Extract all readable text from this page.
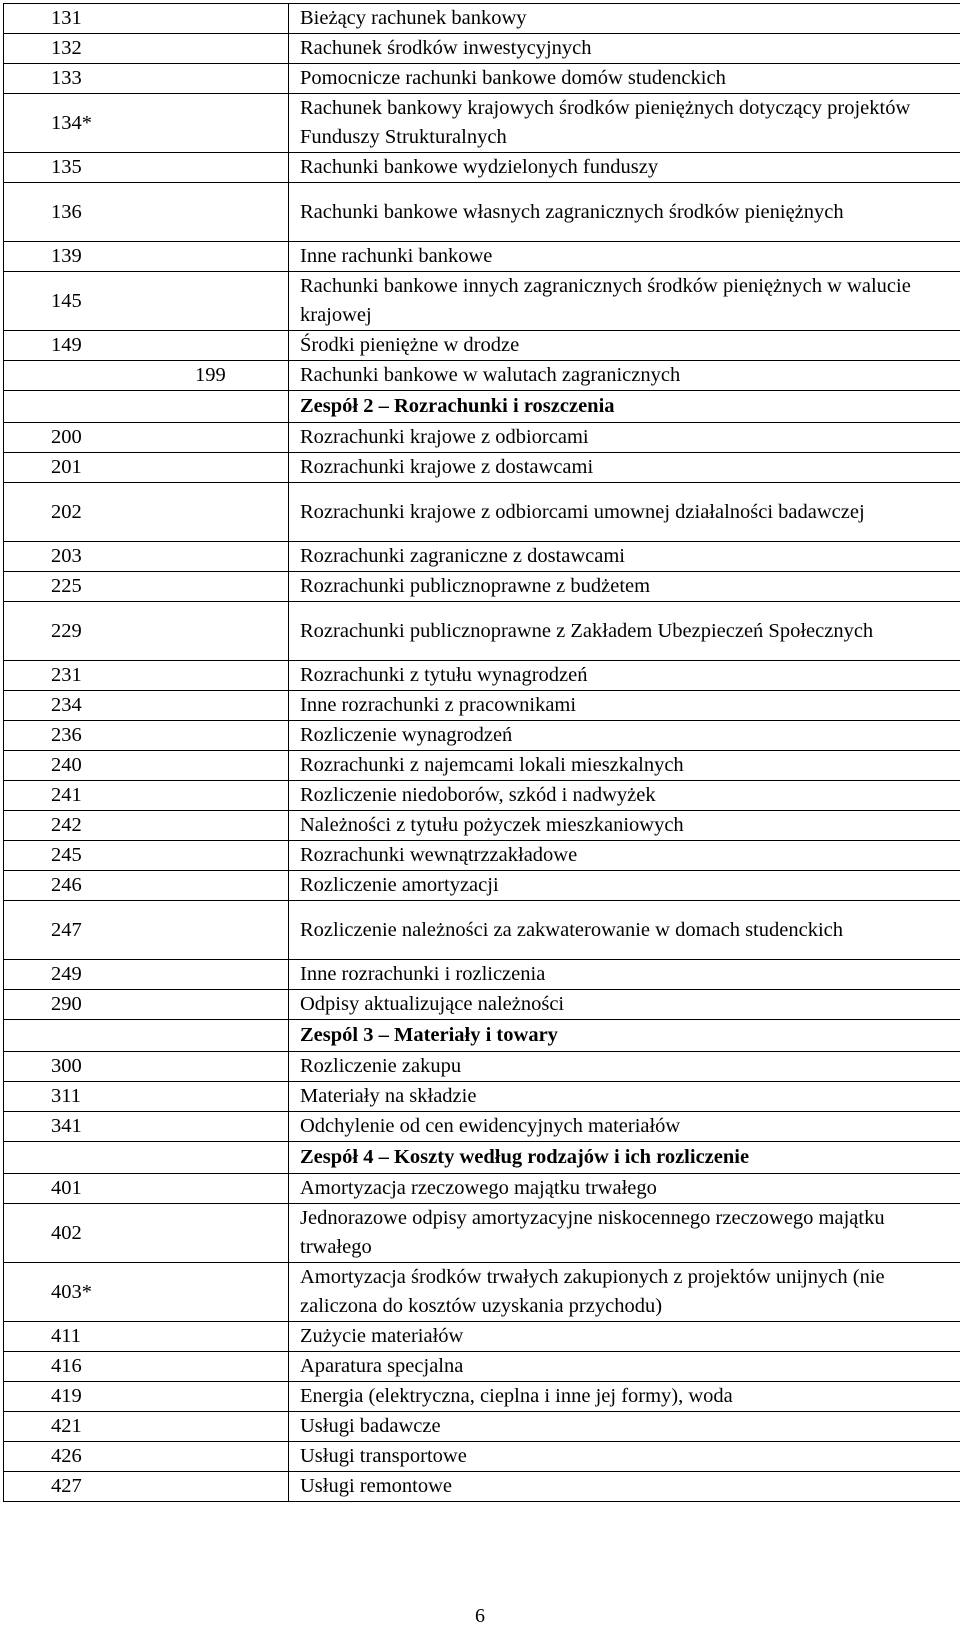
131	Bieżący rachunek bankowy
132	Rachunek środków inwestycyjnych
133	Pomocnicze rachunki bankowe domów studenckich
134*	Rachunek bankowy krajowych środków pieniężnych dotyczący projektów Funduszy Strukturalnych
135	Rachunki bankowe wydzielonych funduszy
136	Rachunki bankowe własnych zagranicznych środków pieniężnych
139	Inne rachunki bankowe
145	Rachunki bankowe innych zagranicznych środków pieniężnych w walucie krajowej
149	Środki pieniężne w drodze
199	Rachunki bankowe w walutach zagranicznych
	Zespół 2 – Rozrachunki i roszczenia
200	Rozrachunki krajowe z odbiorcami
201	Rozrachunki krajowe z dostawcami
202	Rozrachunki krajowe z odbiorcami umownej działalności badawczej
203	Rozrachunki zagraniczne z dostawcami
225	Rozrachunki publicznoprawne z budżetem
229	Rozrachunki publicznoprawne z Zakładem Ubezpieczeń Społecznych
231	Rozrachunki z tytułu wynagrodzeń
234	Inne rozrachunki z pracownikami
236	Rozliczenie wynagrodzeń
240	Rozrachunki z najemcami lokali mieszkalnych
241	Rozliczenie niedoborów, szkód i nadwyżek
242	Należności z tytułu pożyczek mieszkaniowych
245	Rozrachunki wewnątrzzakładowe
246	Rozliczenie amortyzacji
247	Rozliczenie należności za zakwaterowanie w domach studenckich
249	Inne rozrachunki i rozliczenia
290	Odpisy aktualizujące należności
	Zespól 3 – Materiały i towary
300	Rozliczenie zakupu
311	Materiały na składzie
341	Odchylenie od cen ewidencyjnych materiałów
	Zespół 4 – Koszty według rodzajów i ich rozliczenie
401	Amortyzacja rzeczowego majątku trwałego
402	Jednorazowe odpisy amortyzacyjne niskocennego rzeczowego majątku trwałego
403*	Amortyzacja środków trwałych zakupionych z projektów unijnych (nie zaliczona do kosztów uzyskania przychodu)
411	Zużycie materiałów
416	Aparatura specjalna
419	Energia (elektryczna, cieplna i inne jej formy), woda
421	Usługi badawcze
426	Usługi transportowe
427	Usługi remontowe
6
